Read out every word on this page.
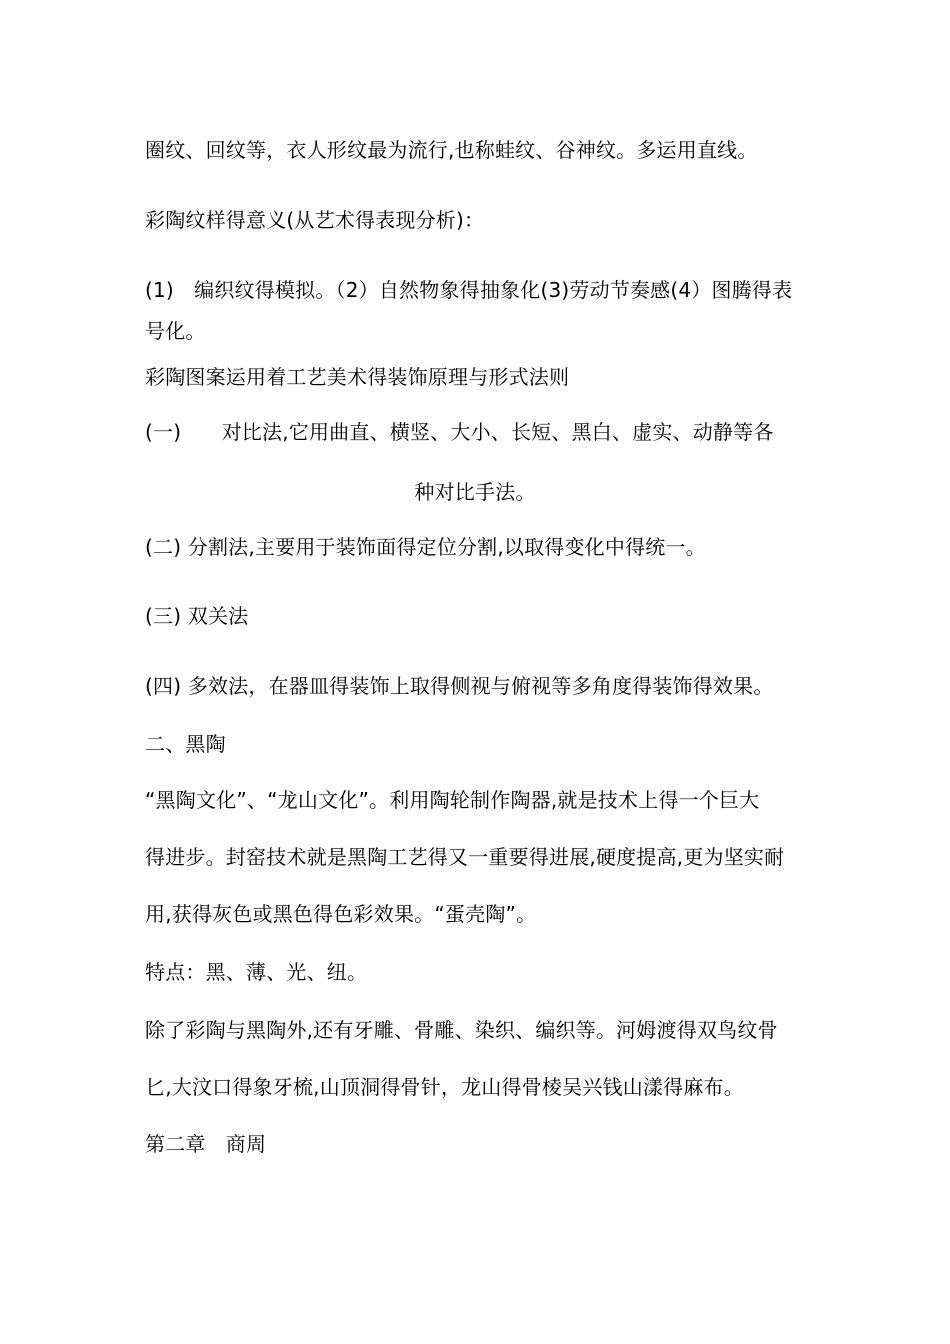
圈纹、回纹等，衣人形纹最为流行,也称蛙纹、谷神纹。多运用直线。
彩陶纹样得意义(从艺术得表现分析)：
(1)　编织纹得模拟。（2）自然物象得抽象化(3)劳动节奏感(4）图腾得表
号化。
彩陶图案运用着工艺美术得装饰原理与形式法则
(一)　　对比法,它用曲直、横竖、大小、长短、黑白、虚实、动静等各
种对比手法。
(二) 分割法,主要用于装饰面得定位分割,以取得变化中得统一。
(三) 双关法
(四) 多效法，在器皿得装饰上取得侧视与俯视等多角度得装饰得效果。
二、黑陶
“黑陶文化”、“龙山文化”。利用陶轮制作陶器,就是技术上得一个巨大
得进步。封窑技术就是黑陶工艺得又一重要得进展,硬度提高,更为坚实耐
用,获得灰色或黑色得色彩效果。“蛋壳陶”。
特点：黑、薄、光、纽。
除了彩陶与黑陶外,还有牙雕、骨雕、染织、编织等。河姆渡得双鸟纹骨
匕,大汶口得象牙梳,山顶洞得骨针，龙山得骨棱吴兴钱山漾得麻布。
第二章　商周
